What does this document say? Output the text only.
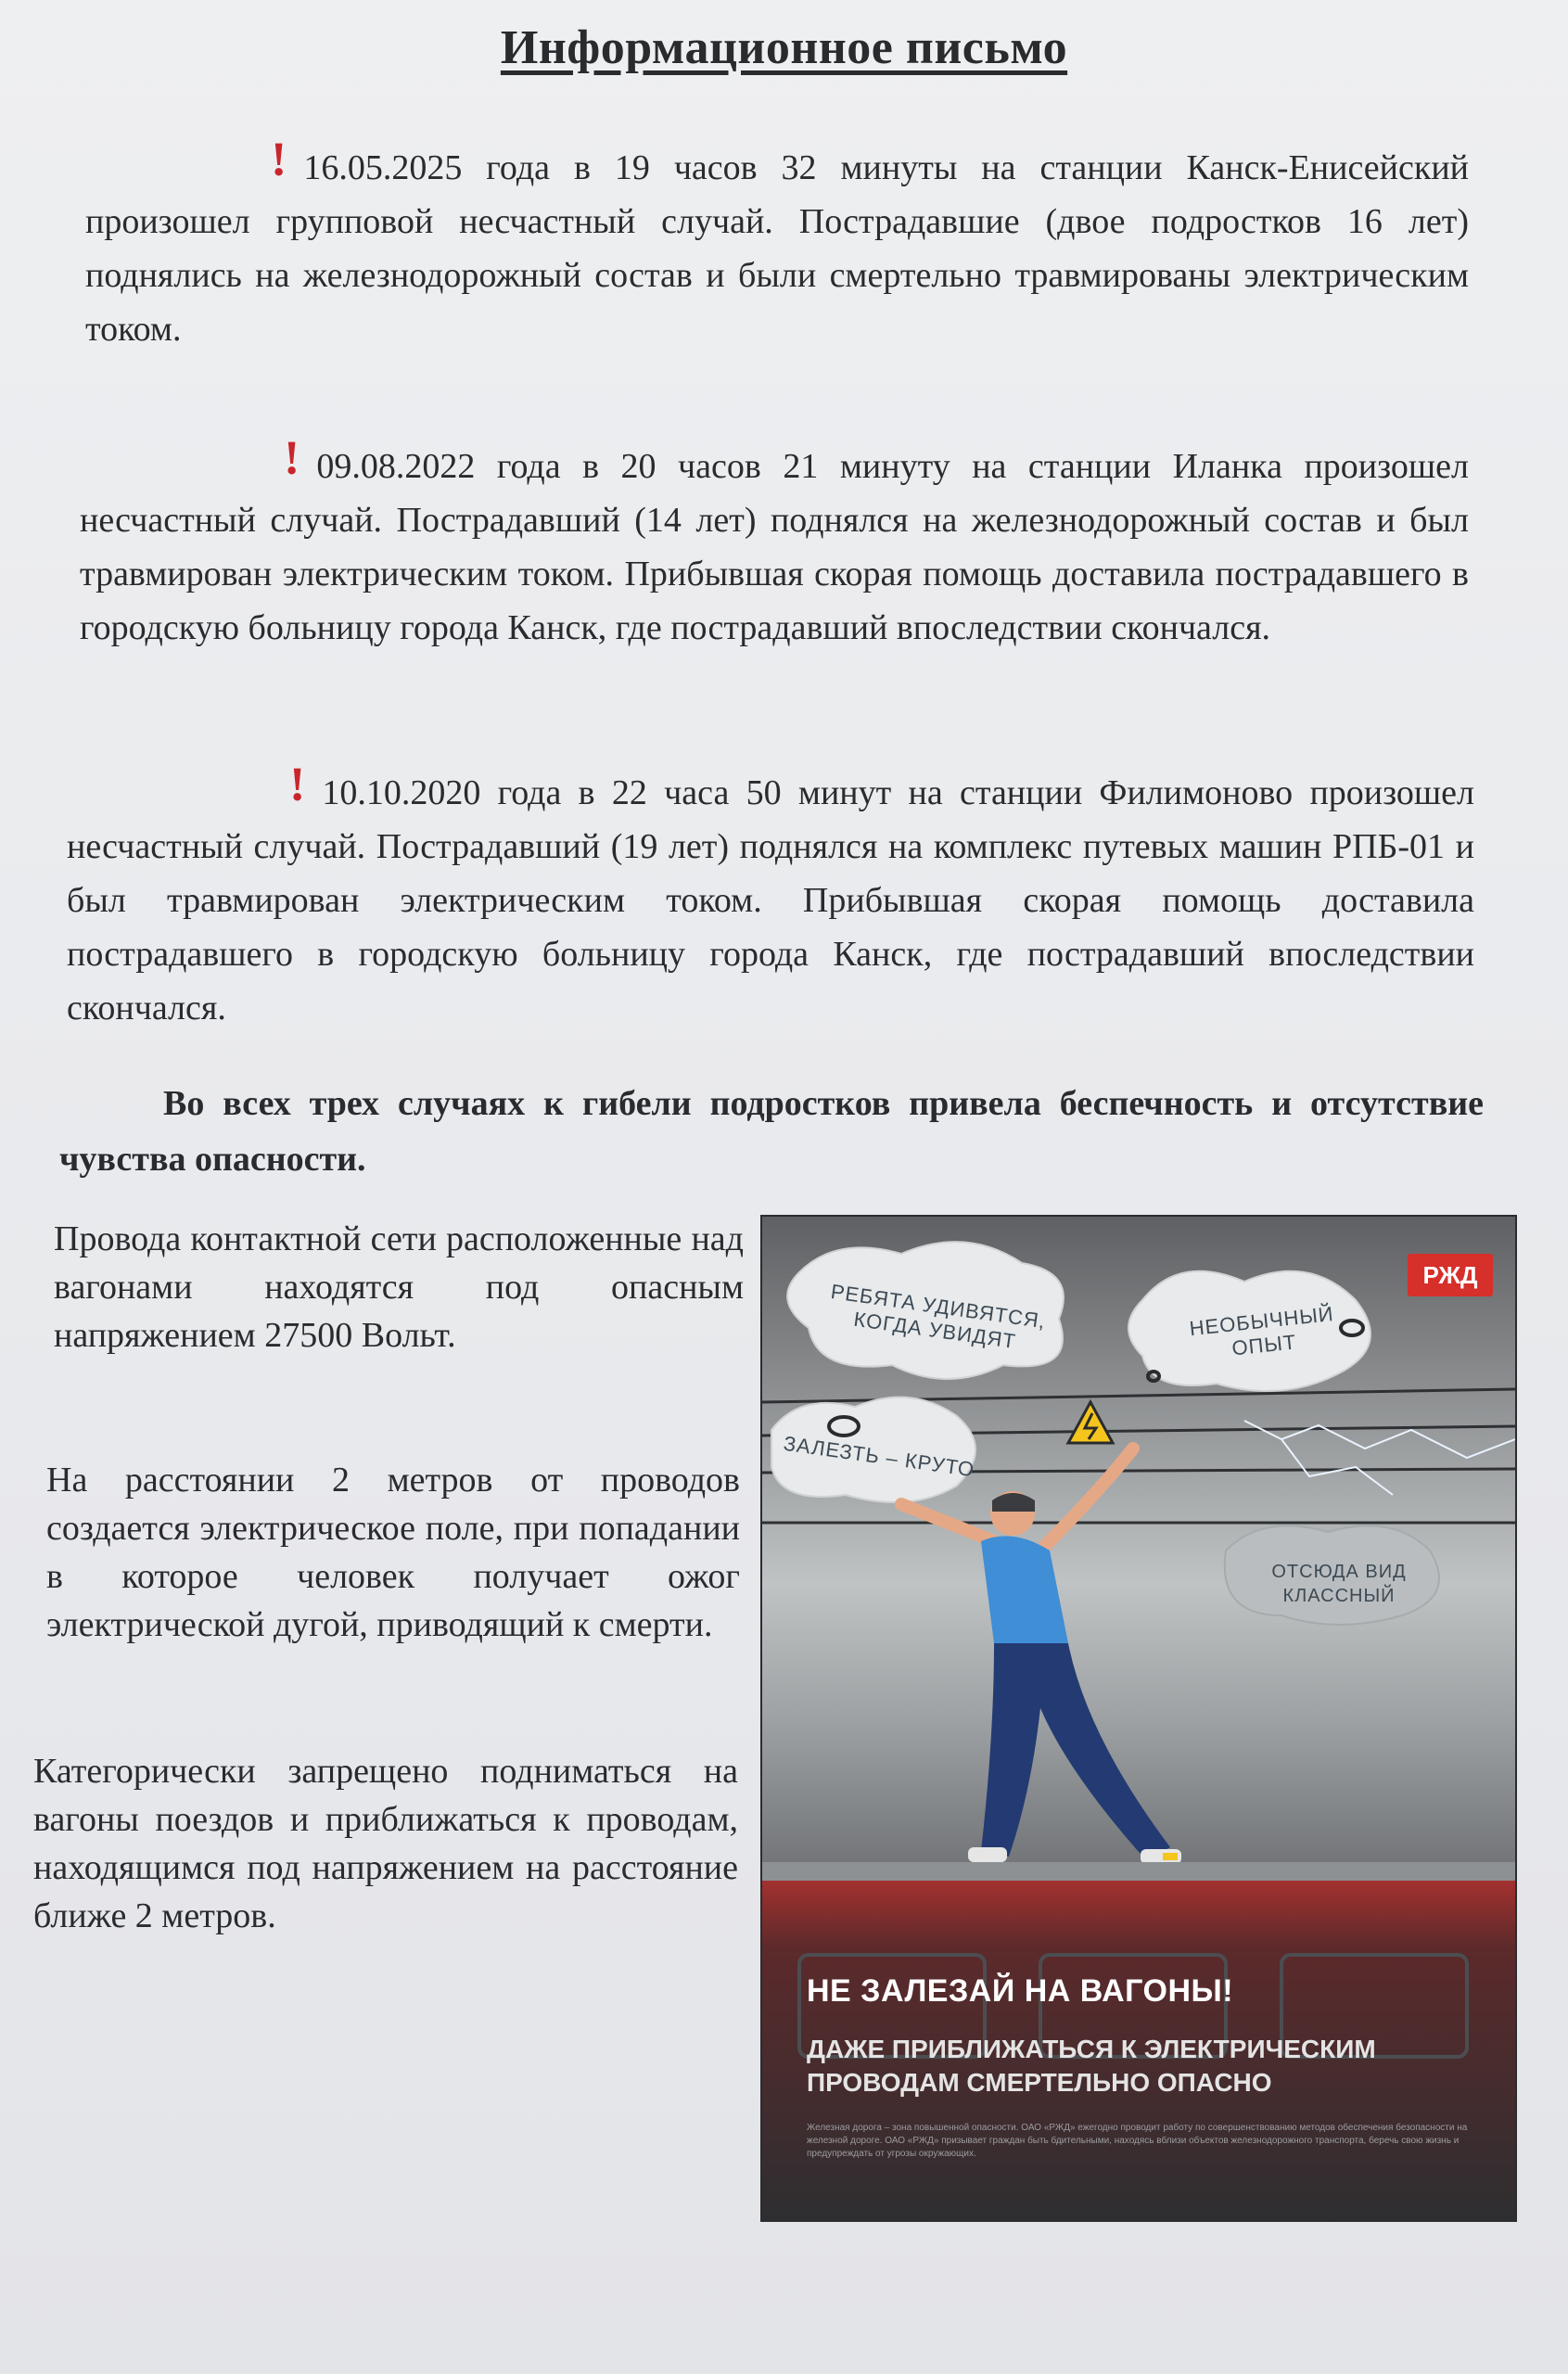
Информационное письмо
! 16.05.2025 года в 19 часов 32 минуты на станции Канск-Енисейский произошел групповой несчастный случай. Пострадавшие (двое подростков 16 лет) поднялись на железнодорожный состав и были смертельно травмированы электрическим током.
! 09.08.2022 года в 20 часов 21 минуту на станции Иланка произошел несчастный случай. Пострадавший (14 лет) поднялся на железнодорожный состав и был травмирован электрическим током. Прибывшая скорая помощь доставила пострадавшего в городскую больницу города Канск, где пострадавший впоследствии скончался.
! 10.10.2020 года в 22 часа 50 минут на станции Филимоново произошел несчастный случай. Пострадавший (19 лет) поднялся на комплекс путевых машин РПБ-01 и был травмирован электрическим током. Прибывшая скорая помощь доставила пострадавшего в городскую больницу города Канск, где пострадавший впоследствии скончался.
Во всех трех случаях к гибели подростков привела беспечность и отсутствие чувства опасности.
Провода контактной сети расположенные над вагонами находятся под опасным напряжением 27500 Вольт.
На расстоянии 2 метров от проводов создается электрическое поле, при попадании в которое человек получает ожог электрической дугой, приводящий к смерти.
Категорически запрещено подниматься на вагоны поездов и приближаться к проводам, находящимся под напряжением на расстояние ближе 2 метров.
РЖД
РЕБЯТА УДИВЯТСЯ, КОГДА УВИДЯТ	НЕОБЫЧНЫЙ ОПЫТ
ЗАЛЕЗТЬ – КРУТО
ОТСЮДА ВИД КЛАССНЫЙ
НЕ ЗАЛЕЗАЙ НА ВАГОНЫ!
ДАЖЕ ПРИБЛИЖАТЬСЯ К ЭЛЕКТРИЧЕСКИМ ПРОВОДАМ СМЕРТЕЛЬНО ОПАСНО
Железная дорога – зона повышенной опасности. ОАО «РЖД» ежегодно проводит работу по совершенствованию методов обеспечения безопасности на железной дороге. ОАО «РЖД» призывает граждан быть бдительными, находясь вблизи объектов железнодорожного транспорта, беречь свою жизнь и предупреждать от угрозы окружающих.
